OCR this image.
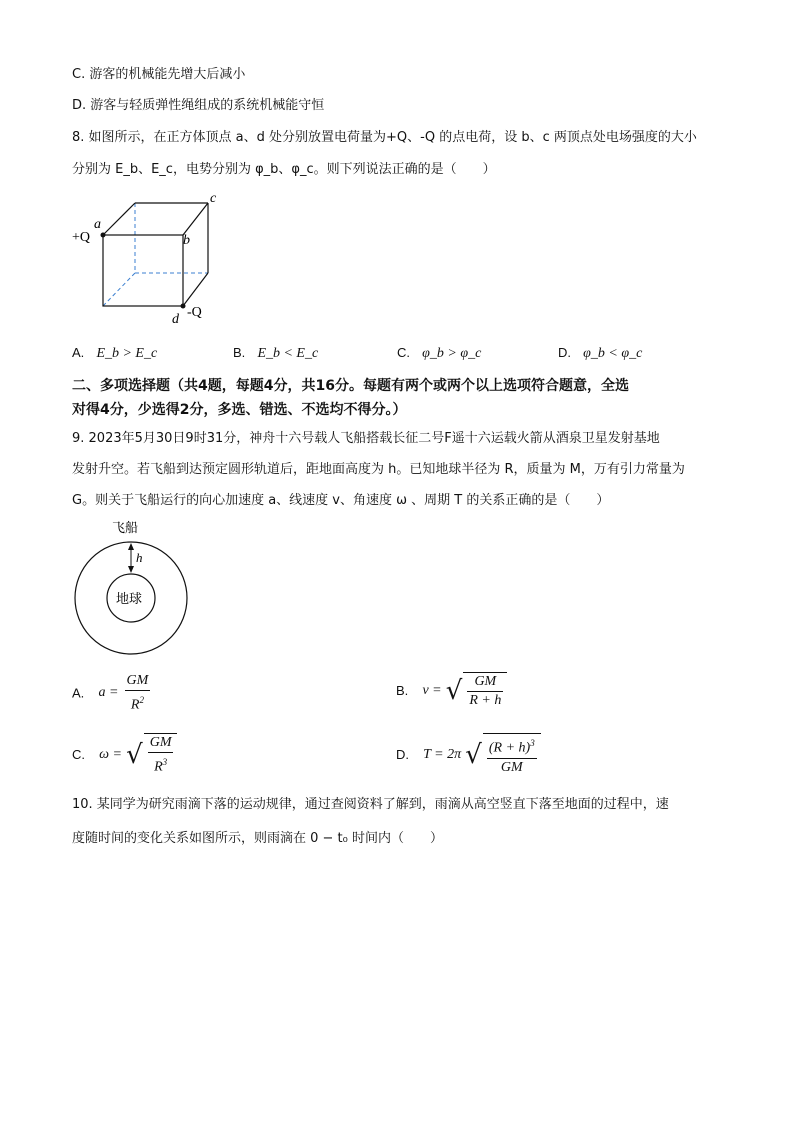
C. 游客的机械能先增大后减小
D. 游客与轻质弹性绳组成的系统机械能守恒
8. 如图所示，在正方体顶点 a、d 处分别放置电荷量为+Q、-Q 的点电荷，设 b、c 两顶点处电场强度的大小
分别为 E_b、E_c，电势分别为 φ_b、φ_c。则下列说法正确的是（　　）
a
+Q	b
c
d -Q
A. E_b > E_c	B. E_b < E_c	C. φ_b > φ_c	D. φ_b < φ_c
二、多项选择题（共4题，每题4分，共16分。每题有两个或两个以上选项符合题意，全选
对得4分，少选得2分，多选、错选、不选均不得分。）
9. 2023年5月30日9时31分，神舟十六号载人飞船搭载长征二号F遥十六运载火箭从酒泉卫星发射基地
发射升空。若飞船到达预定圆形轨道后，距地面高度为 h。已知地球半径为 R，质量为 M，万有引力常量为
G。则关于飞船运行的向心加速度 a、线速度 v、角速度 ω 、周期 T 的关系正确的是（　　）
飞船
h
地球
A. $a = \frac{GM}{R^2}$	B. v = √ $\frac{GM}{R + h}$
C. ω = √ $\frac{GM}{R^3}$	D. T = 2π √ $\frac{(R + h)^3}{GM}$
10. 某同学为研究雨滴下落的运动规律，通过查阅资料了解到，雨滴从高空竖直下落至地面的过程中，速
度随时间的变化关系如图所示，则雨滴在 0 − t₀ 时间内（　　）
